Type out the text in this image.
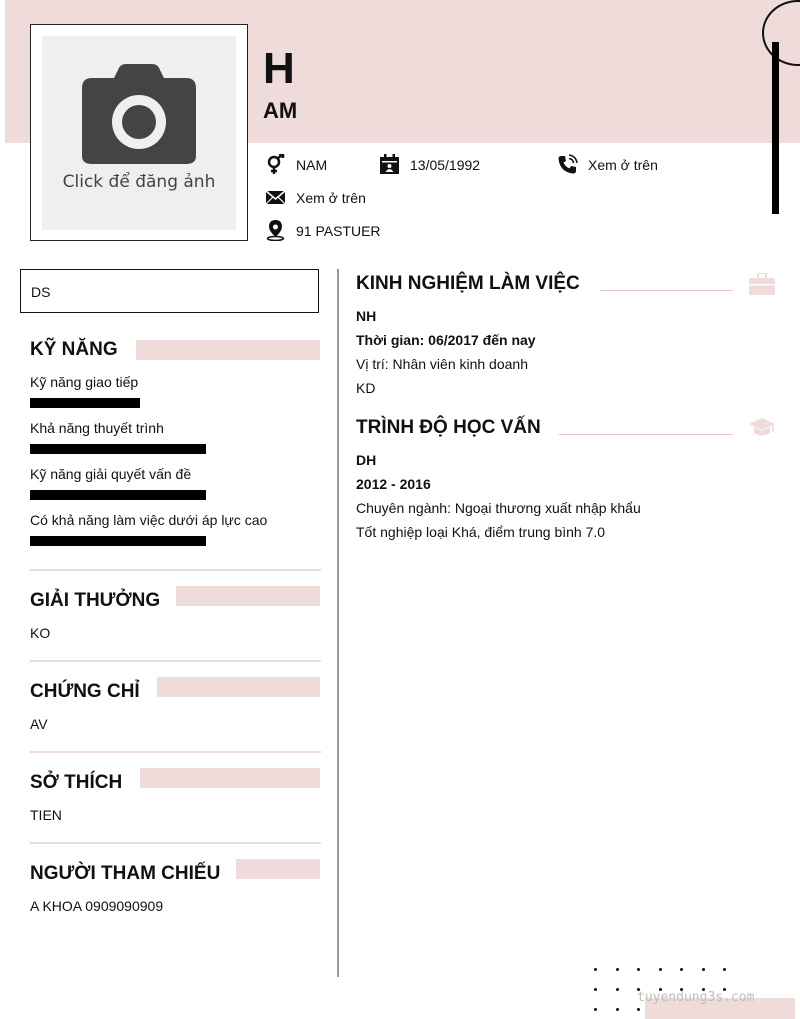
Click để đăng ảnh
H
AM
NAM	13/05/1992	Xem ở trên
Xem ở trên
91 PASTUER
DS
KỸ NĂNG
Kỹ năng giao tiếp
Khả năng thuyết trình
Kỹ năng giải quyết vấn đề
Có khả năng làm việc dưới áp lực cao
GIẢI THƯỞNG
KO
CHỨNG CHỈ
AV
SỞ THÍCH
TIEN
NGƯỜI THAM CHIẾU
A KHOA 0909090909
KINH NGHIỆM LÀM VIỆC
NH
Thời gian: 06/2017 đến nay
Vị trí: Nhân viên kinh doanh
KD
TRÌNH ĐỘ HỌC VẤN
DH
2012 - 2016
Chuyên ngành: Ngoại thương xuất nhập khẩu
Tốt nghiệp loại Khá, điểm trung bình 7.0
tuyendung3s.com
